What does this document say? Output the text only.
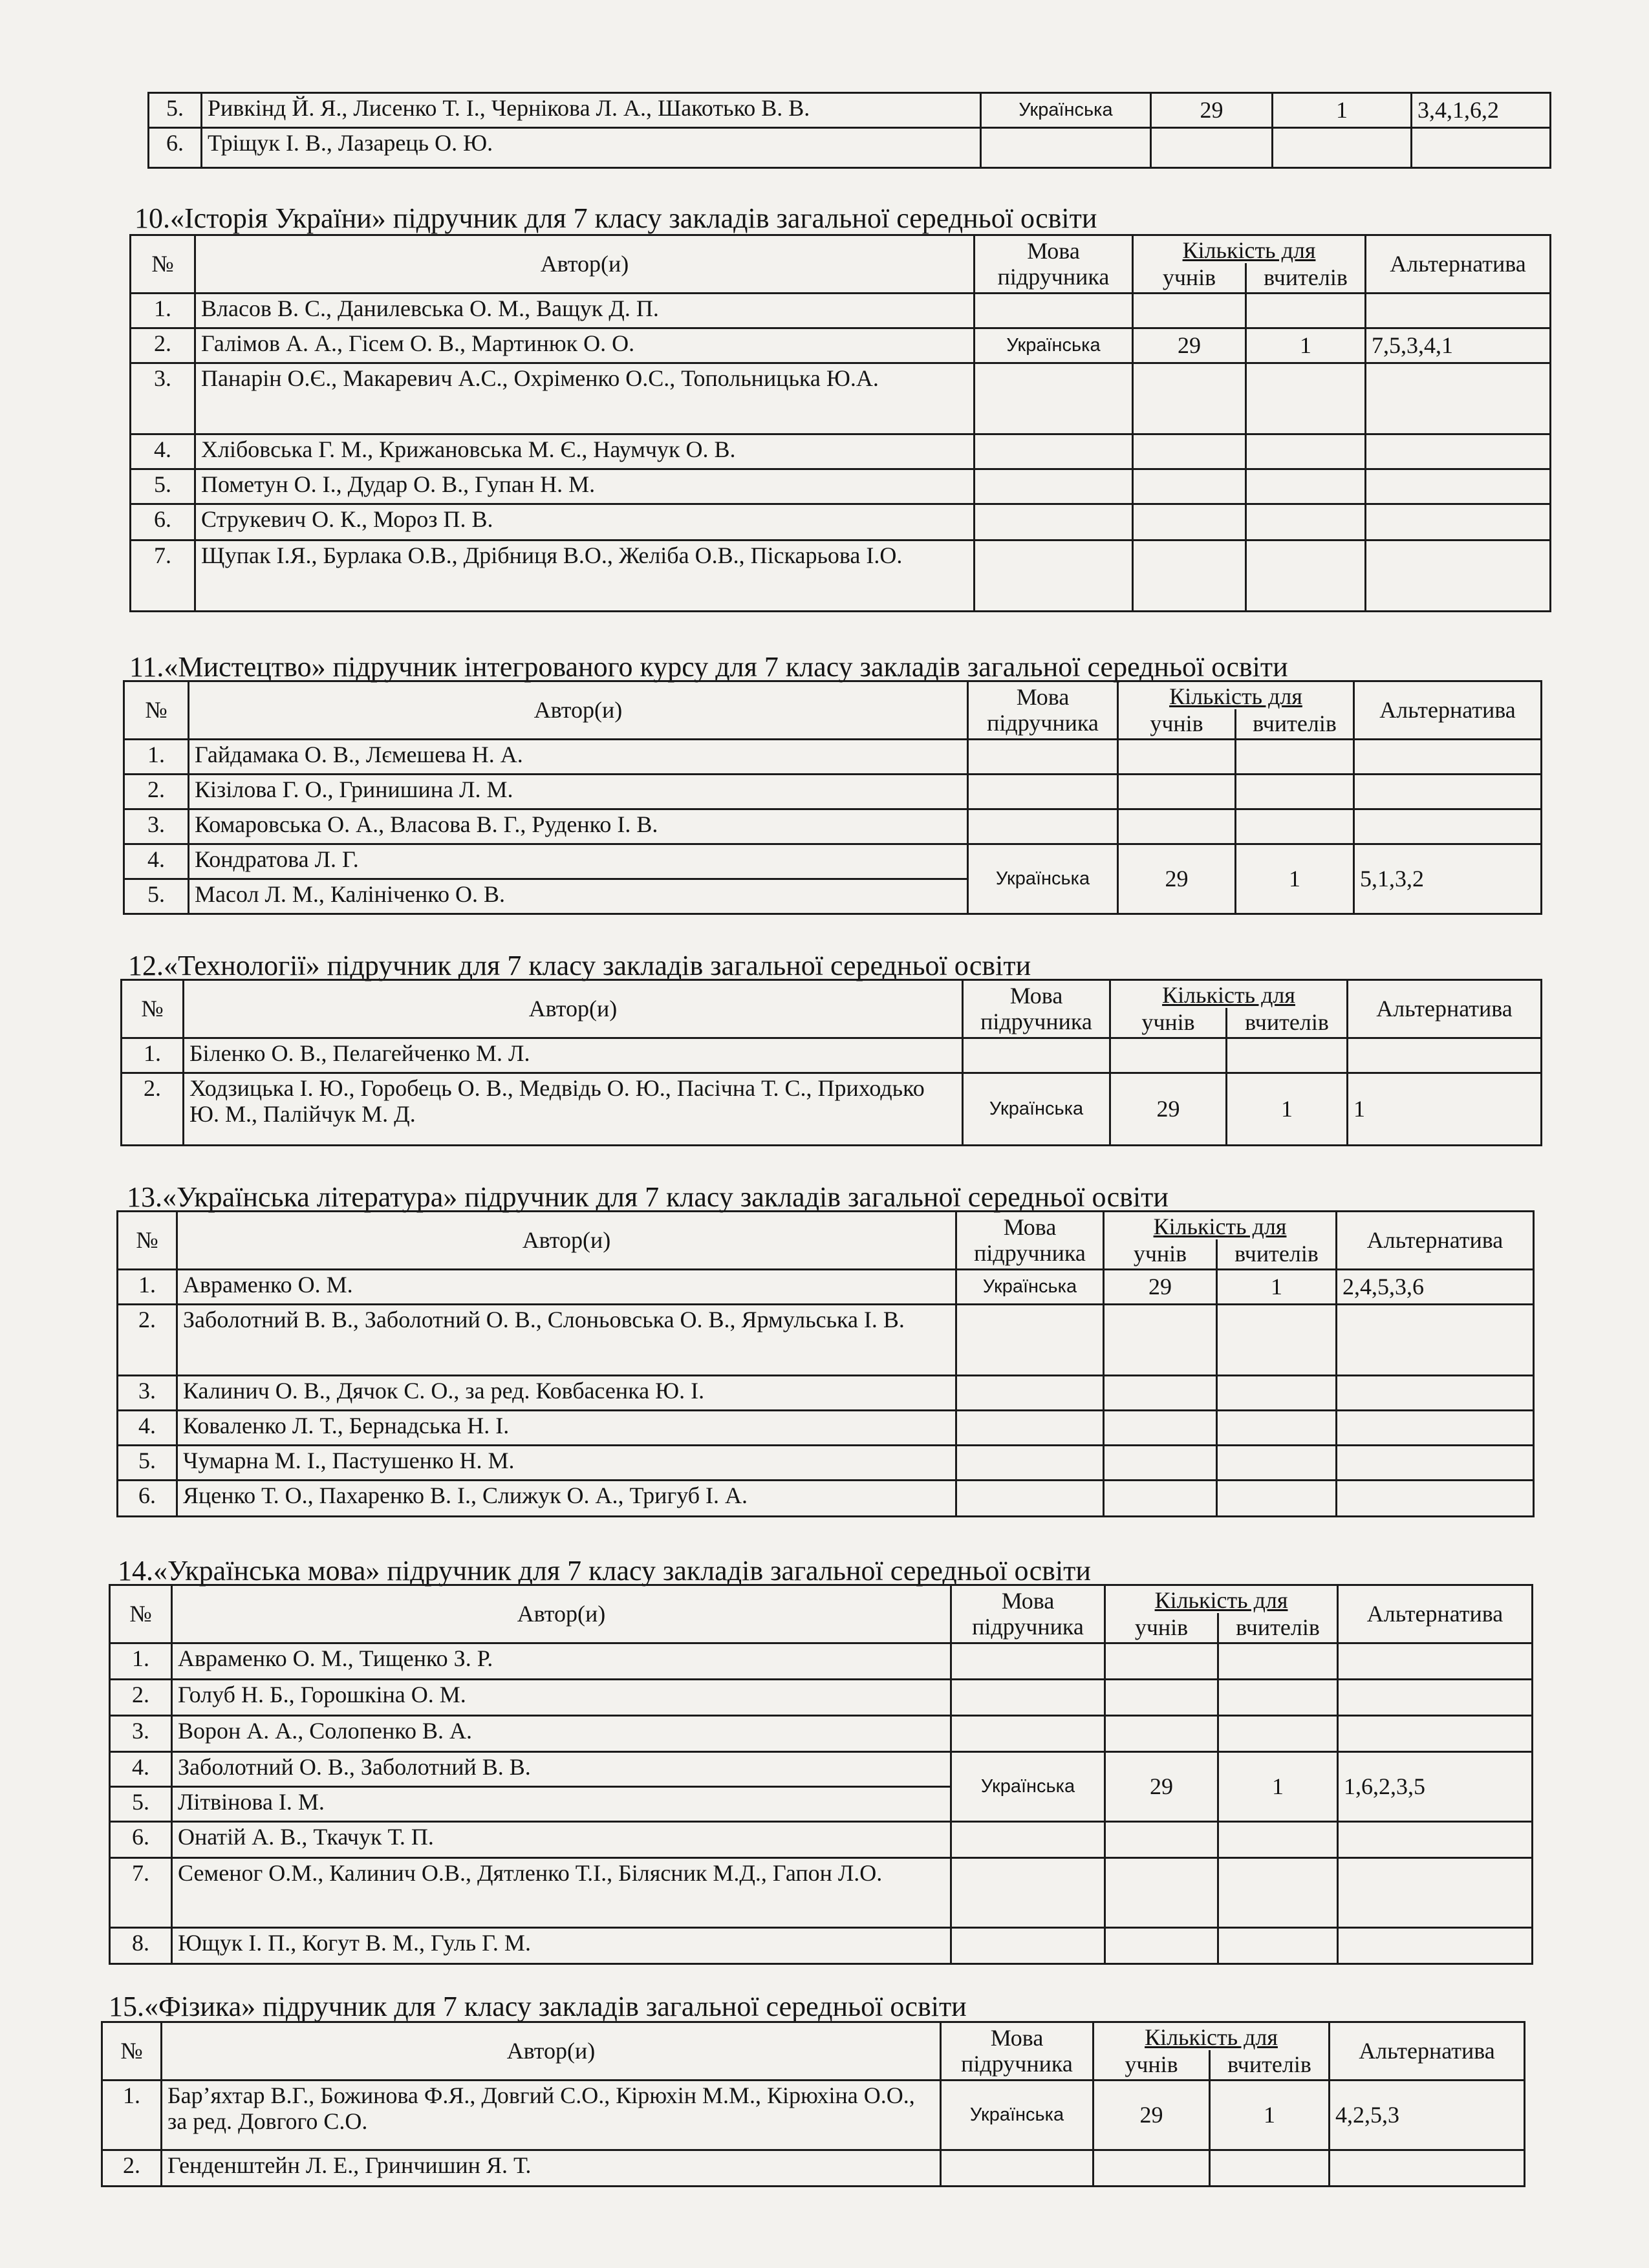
5.	Ривкінд Й. Я., Лисенко Т. І., Чернікова Л. А., Шакотько В. В.	Українська	29	1	3,4,1,6,2
6.	Тріщук І. В., Лазарець О. Ю.				
10.«Історія України» підручник для 7 класу закладів загальної середньої освіти
№	Автор(и)	Мова підручника	Кількість для		Альтернатива
			учнів	вчителів	
1.	Власов В. С., Данилевська О. М., Ващук Д. П.				
2.	Галімов А. А., Гісем О. В., Мартинюк О. О.	Українська	29	1	7,5,3,4,1
3.	Панарін О.Є., Макаревич А.С., Охріменко О.С., Топольницька Ю.А.				
4.	Хлібовська Г. М., Крижановська М. Є., Наумчук О. В.				
5.	Пометун О. І., Дудар О. В., Гупан Н. М.				
6.	Струкевич О. К., Мороз П. В.				
7.	Щупак І.Я., Бурлака О.В., Дрібниця В.О., Желіба О.В., Піскарьова І.О.				
11.«Мистецтво» підручник інтегрованого курсу для 7 класу закладів загальної середньої освіти
№	Автор(и)	Мова підручника	Кількість для		Альтернатива
			учнів	вчителів	
1.	Гайдамака О. В., Лємешева Н. А.				
2.	Кізілова Г. О., Гринишина Л. М.				
3.	Комаровська О. А., Власова В. Г., Руденко І. В.				
4.	Кондратова Л. Г.	Українська	29	1	5,1,3,2
5.	Масол Л. М., Калініченко О. В.				
12.«Технології» підручник для 7 класу закладів загальної середньої освіти
№	Автор(и)	Мова підручника	Кількість для		Альтернатива
			учнів	вчителів	
1.	Біленко О. В., Пелагейченко М. Л.				
2.	Ходзицька І. Ю., Горобець О. В., Медвідь О. Ю., Пасічна Т. С., Приходько Ю. М., Палійчук М. Д.	Українська	29	1	1
13.«Українська література» підручник для 7 класу закладів загальної середньої освіти
№	Автор(и)	Мова підручника	Кількість для		Альтернатива
			учнів	вчителів	
1.	Авраменко О. М.	Українська	29	1	2,4,5,3,6
2.	Заболотний В. В., Заболотний О. В., Слоньовська О. В., Ярмульська І. В.				
3.	Калинич О. В., Дячок С. О., за ред. Ковбасенка Ю. І.				
4.	Коваленко Л. Т., Бернадська Н. І.				
5.	Чумарна М. І., Пастушенко Н. М.				
6.	Яценко Т. О., Пахаренко В. І., Слижук О. А., Тригуб І. А.				
14.«Українська мова» підручник для 7 класу закладів загальної середньої освіти
№	Автор(и)	Мова підручника	Кількість для		Альтернатива
			учнів	вчителів	
1.	Авраменко О. М., Тищенко З. Р.				
2.	Голуб Н. Б., Горошкіна О. М.				
3.	Ворон А. А., Солопенко В. А.				
4.	Заболотний О. В., Заболотний В. В.	Українська	29	1	1,6,2,3,5
5.	Літвінова І. М.				
6.	Онатій А. В., Ткачук Т. П.				
7.	Семеног О.М., Калинич О.В., Дятленко Т.І., Білясник М.Д., Гапон Л.О.				
8.	Ющук І. П., Когут В. М., Гуль Г. М.				
15.«Фізика» підручник для 7 класу закладів загальної середньої освіти
№	Автор(и)	Мова підручника	Кількість для		Альтернатива
			учнів	вчителів	
1.	Бар’яхтар В.Г., Божинова Ф.Я., Довгий С.О., Кірюхін М.М., Кірюхіна О.О., за ред. Довгого С.О.	Українська	29	1	4,2,5,3
2.	Генденштейн Л. Е., Гринчишин Я. Т.				
